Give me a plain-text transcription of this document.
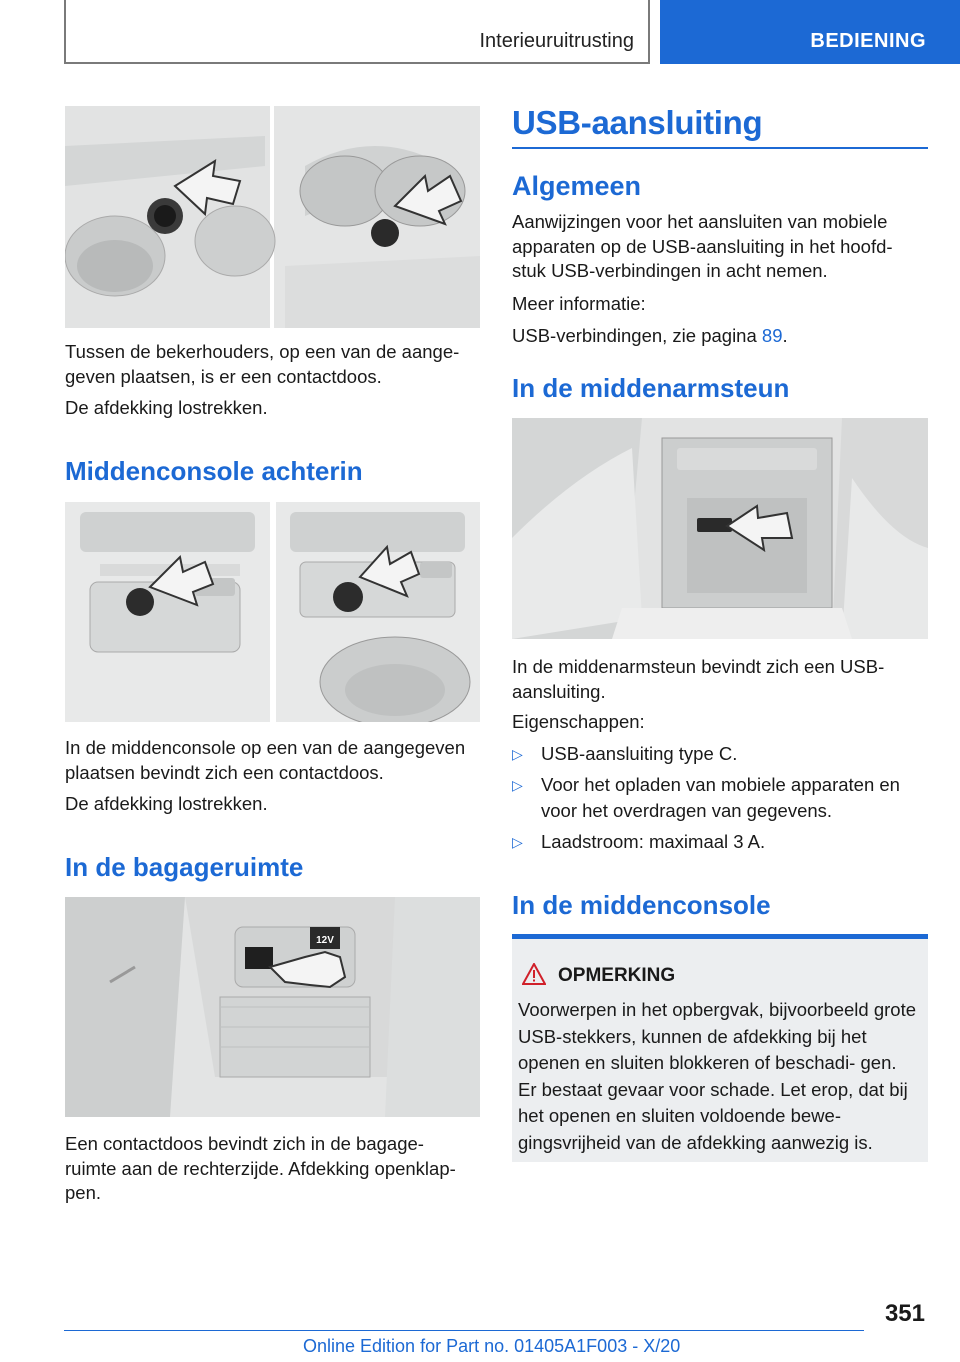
Interieuruitrusting	BEDIENING

Tussen de bekerhouders, op een van de aange-
geven plaatsen, is er een contactdoos.

De afdekking lostrekken.

Middenconsole achterin

In de middenconsole op een van de aangegeven
plaatsen bevindt zich een contactdoos.

De afdekking lostrekken.

In de bagageruimte
12V

Een contactdoos bevindt zich in de bagage-
ruimte aan de rechterzijde. Afdekking openklap-
pen.

USB-aansluiting
Algemeen

Aanwijzingen voor het aansluiten van mobiele
apparaten op de USB-aansluiting in het hoofd-
stuk USB-verbindingen in acht nemen.

Meer informatie:

USB-verbindingen, zie pagina 89.

In de middenarmsteun

In de middenarmsteun bevindt zich een USB-
aansluiting.

Eigenschappen:

▷ USB-aansluiting type C.
▷ Voor het opladen van mobiele apparaten en
voor het overdragen van gegevens.
▷ Laadstroom: maximaal 3 A.
In de middenconsole
OPMERKING

Voorwerpen in het opbergvak, bijvoorbeeld grote USB-stekkers, kunnen de afdekking bij het openen en sluiten blokkeren of beschadi- gen. Er bestaat gevaar voor schade. Let erop, dat bij het openen en sluiten voldoende bewe- gingsvrijheid van de afdekking aanwezig is.

351
Online Edition for Part no. 01405A1F003 - X/20
